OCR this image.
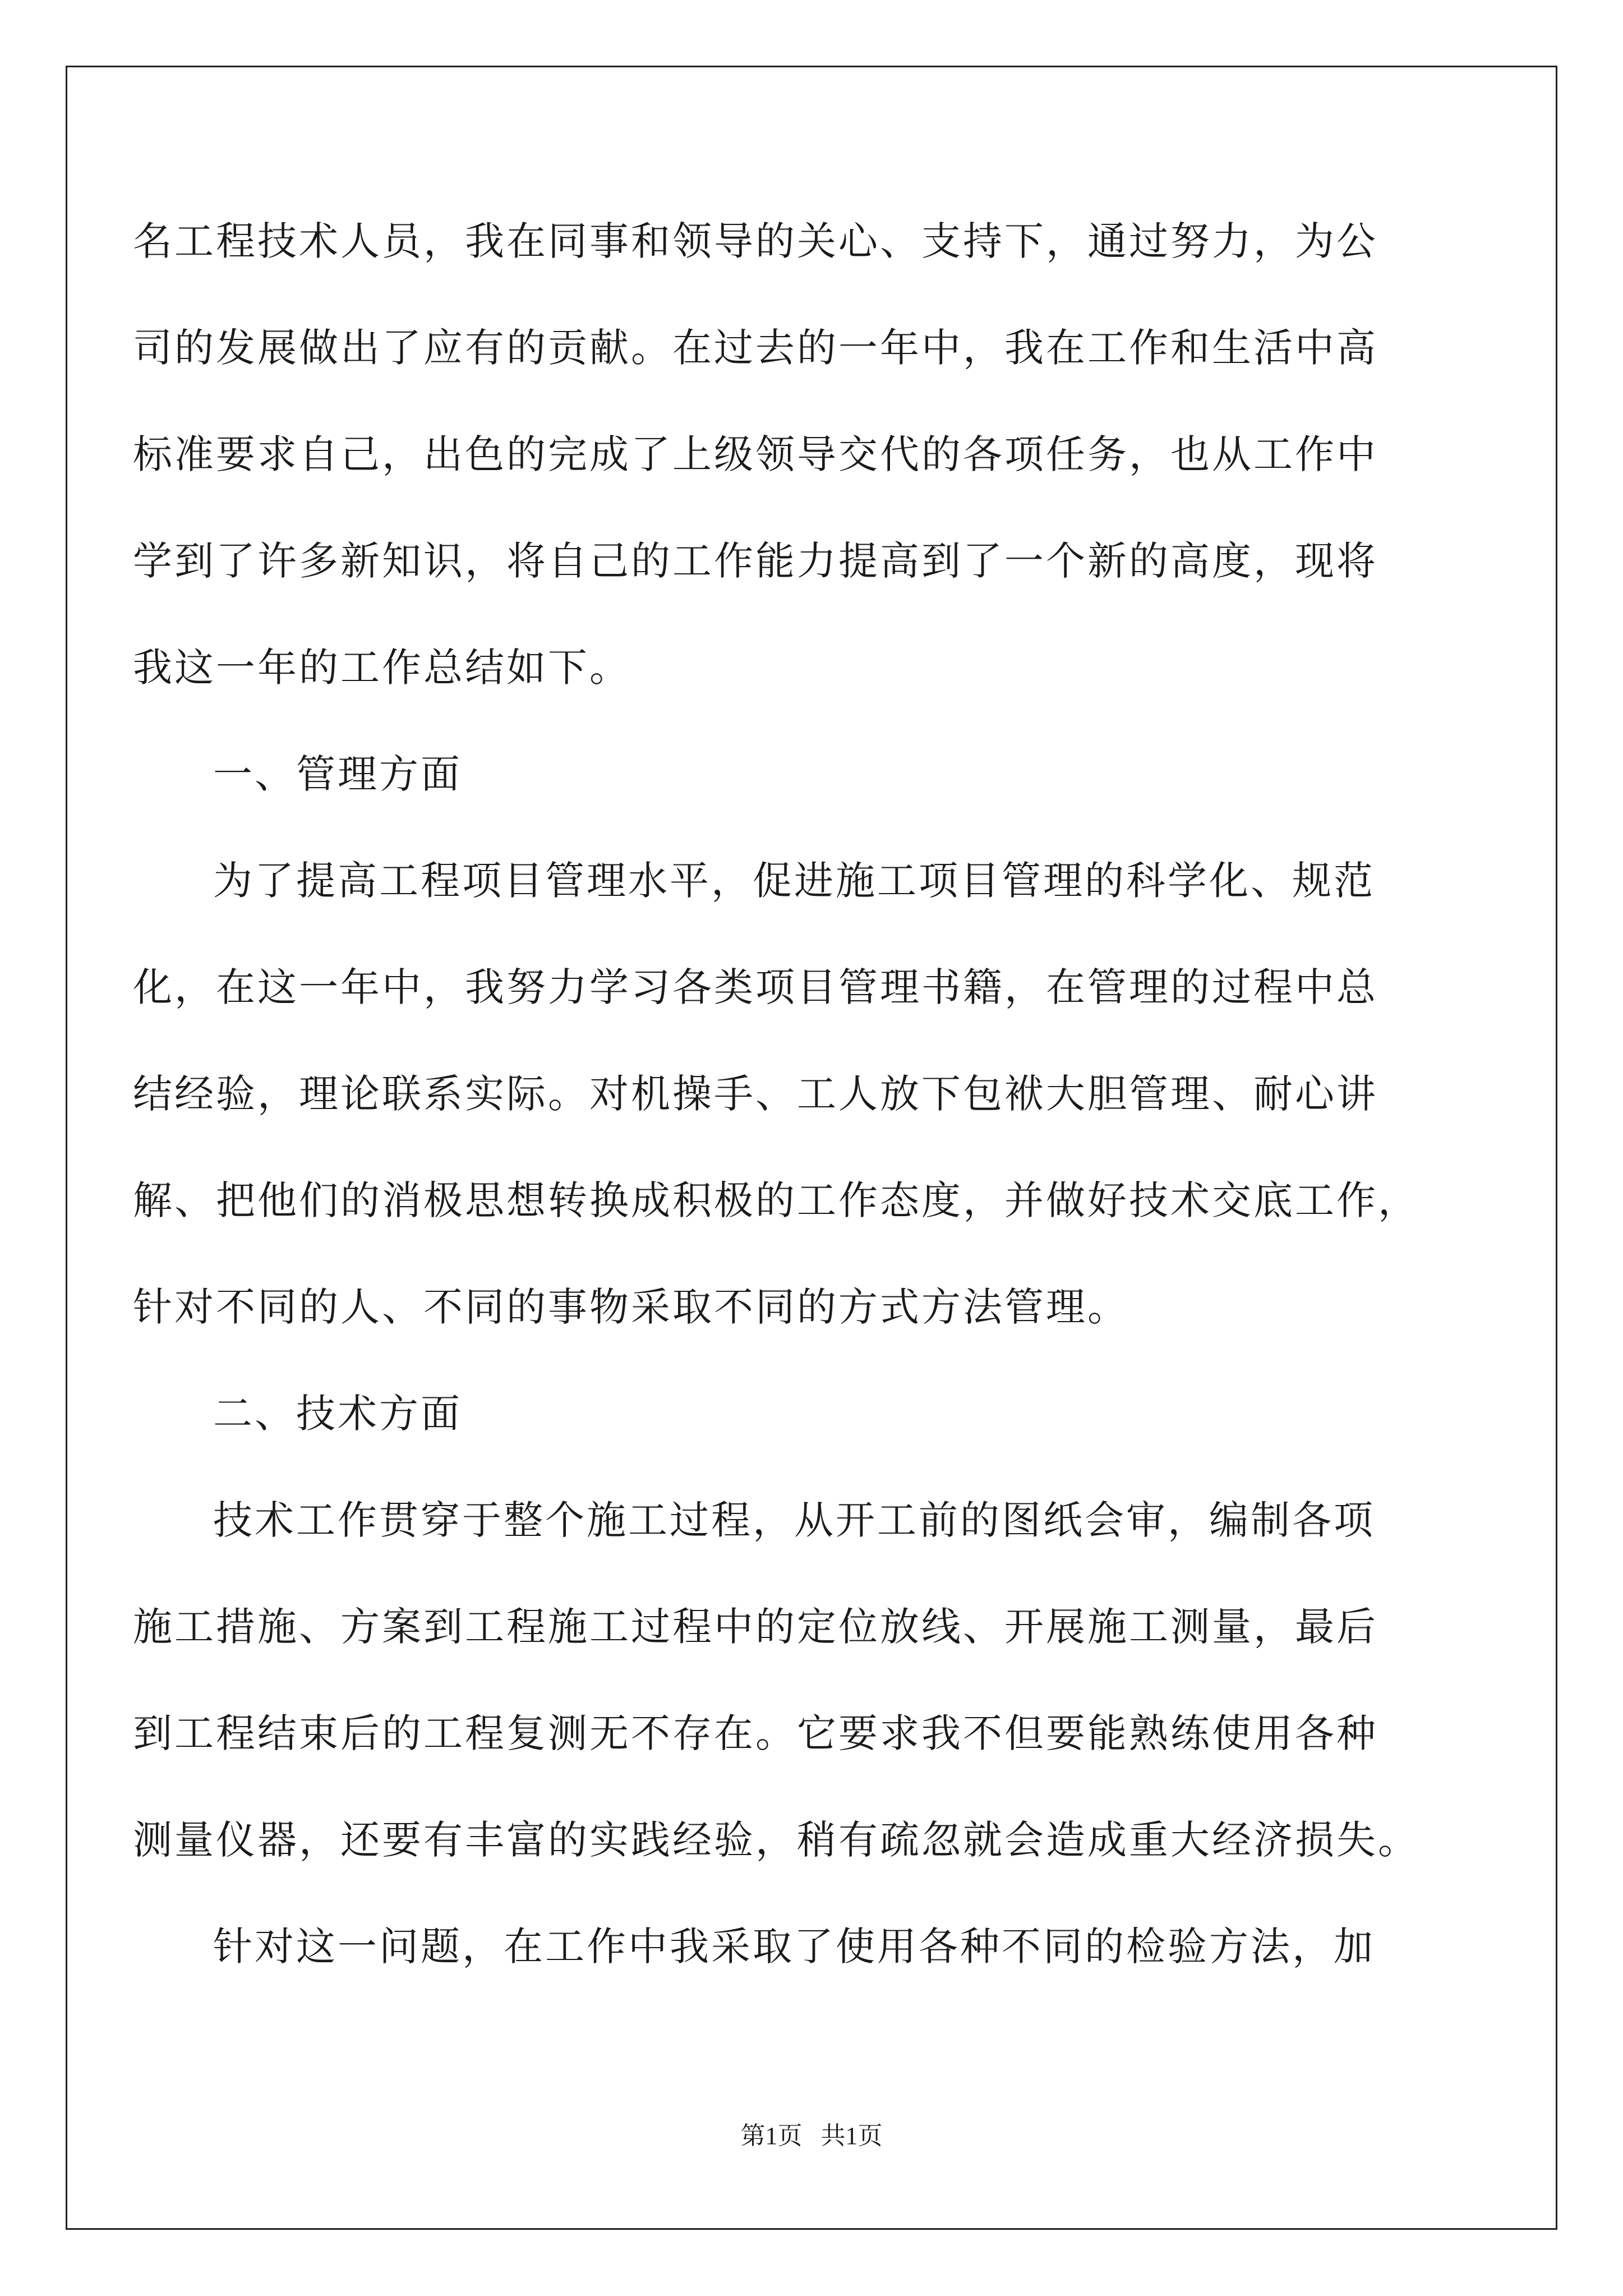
名工程技术人员，我在同事和领导的关心、支持下，通过努力，为公
司的发展做出了应有的贡献。在过去的一年中，我在工作和生活中高
标准要求自己，出色的完成了上级领导交代的各项任务，也从工作中
学到了许多新知识，将自己的工作能力提高到了一个新的高度，现将
我这一年的工作总结如下。
一、管理方面
为了提高工程项目管理水平，促进施工项目管理的科学化、规范
化，在这一年中，我努力学习各类项目管理书籍，在管理的过程中总
结经验，理论联系实际。对机操手、工人放下包袱大胆管理、耐心讲
解、把他们的消极思想转换成积极的工作态度，并做好技术交底工作，
针对不同的人、不同的事物采取不同的方式方法管理。
二、技术方面
技术工作贯穿于整个施工过程，从开工前的图纸会审，编制各项
施工措施、方案到工程施工过程中的定位放线、开展施工测量，最后
到工程结束后的工程复测无不存在。它要求我不但要能熟练使用各种
测量仪器，还要有丰富的实践经验，稍有疏忽就会造成重大经济损失。
针对这一问题，在工作中我采取了使用各种不同的检验方法，加
第1页   共1页
